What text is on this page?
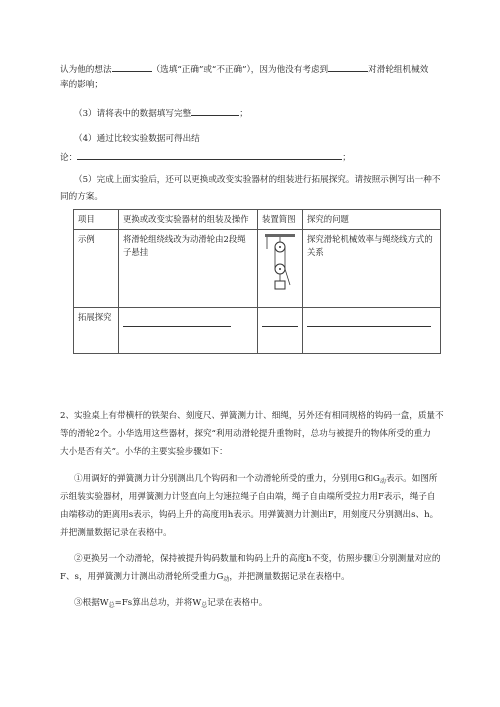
认为他的想法	（选填“正确”或“不正确”），因为他没有考虑到	对滑轮组机械效
率的影响；
（3）请将表中的数据填写完整	；
（4）通过比较实验数据可得出结
论：	；
（5）完成上面实验后，还可以更换或改变实验器材的组装进行拓展探究。请按照示例写出一种不
同的方案。
项目	更换或改变实验器材的组装及操作	装置简图	探究的问题
示例	将滑轮组绕线改为动滑轮由2段绳子悬挂		探究滑轮机械效率与绳绕线方式的关系
拓展探究	

2、实验桌上有带横杆的铁架台、刻度尺、弹簧测力计、细绳，另外还有相同规格的钩码一盒，质量不
等的滑轮2个。小华选用这些器材，探究“利用动滑轮提升重物时，总功与被提升的物体所受的重力
大小是否有关”。小华的主要实验步骤如下：
①用调好的弹簧测力计分别测出几个钩码和一个动滑轮所受的重力，分别用G和$G_动$表示。如图所
示组装实验器材，用弹簧测力计竖直向上匀速拉绳子自由端，绳子自由端所受拉力用F表示，绳子自
由端移动的距离用s表示，钩码上升的高度用h表示。用弹簧测力计测出F，用刻度尺分别测出s、h。
并把测量数据记录在表格中。
②更换另一个动滑轮，保持被提升钩码数量和钩码上升的高度h不变，仿照步骤①分别测量对应的
F、s，用弹簧测力计测出动滑轮所受重力$G_动$，并把测量数据记录在表格中。
③根据$W_总=Fs$算出总功，并将$W_总$记录在表格中。
